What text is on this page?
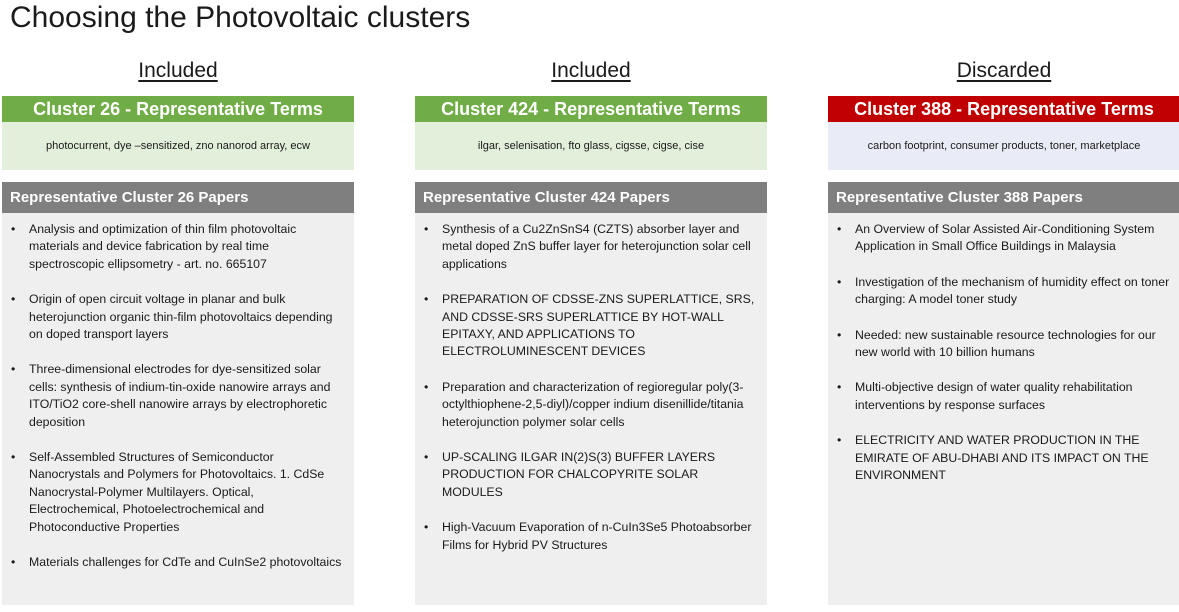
Choosing the Photovoltaic clusters
Included
Cluster 26 - Representative Terms
photocurrent, dye –sensitized, zno nanorod array, ecw
Representative Cluster 26 Papers
• Analysis and optimization of thin film photovoltaic materials and device fabrication by real time spectroscopic ellipsometry - art. no. 665107
• Origin of open circuit voltage in planar and bulk heterojunction organic thin-film photovoltaics depending on doped transport layers
• Three-dimensional electrodes for dye-sensitized solar cells: synthesis of indium-tin-oxide nanowire arrays and ITO/TiO2 core-shell nanowire arrays by electrophoretic deposition
• Self-Assembled Structures of Semiconductor Nanocrystals and Polymers for Photovoltaics. 1. CdSe Nanocrystal-Polymer Multilayers. Optical, Electrochemical, Photoelectrochemical and Photoconductive Properties
• Materials challenges for CdTe and CuInSe2 photovoltaics
Included
Cluster 424 - Representative Terms
ilgar, selenisation, fto glass, cigsse, cigse, cise
Representative Cluster 424 Papers
• Synthesis of a Cu2ZnSnS4 (CZTS) absorber layer and metal doped ZnS buffer layer for heterojunction solar cell applications
• PREPARATION OF CDSSE-ZNS SUPERLATTICE, SRS, AND CDSSE-SRS SUPERLATTICE BY HOT-WALL EPITAXY, AND APPLICATIONS TO ELECTROLUMINESCENT DEVICES
• Preparation and characterization of regioregular poly(3-octylthiophene-2,5-diyl)/copper indium disenillide/titania heterojunction polymer solar cells
• UP-SCALING ILGAR IN(2)S(3) BUFFER LAYERS PRODUCTION FOR CHALCOPYRITE SOLAR MODULES
• High-Vacuum Evaporation of n-CuIn3Se5 Photoabsorber Films for Hybrid PV Structures
Discarded
Cluster 388 - Representative Terms
carbon footprint, consumer products, toner, marketplace
Representative Cluster 388 Papers
• An Overview of Solar Assisted Air-Conditioning System Application in Small Office Buildings in Malaysia
• Investigation of the mechanism of humidity effect on toner charging: A model toner study
• Needed: new sustainable resource technologies for our new world with 10 billion humans
• Multi-objective design of water quality rehabilitation interventions by response surfaces
• ELECTRICITY AND WATER PRODUCTION IN THE EMIRATE OF ABU-DHABI AND ITS IMPACT ON THE ENVIRONMENT
